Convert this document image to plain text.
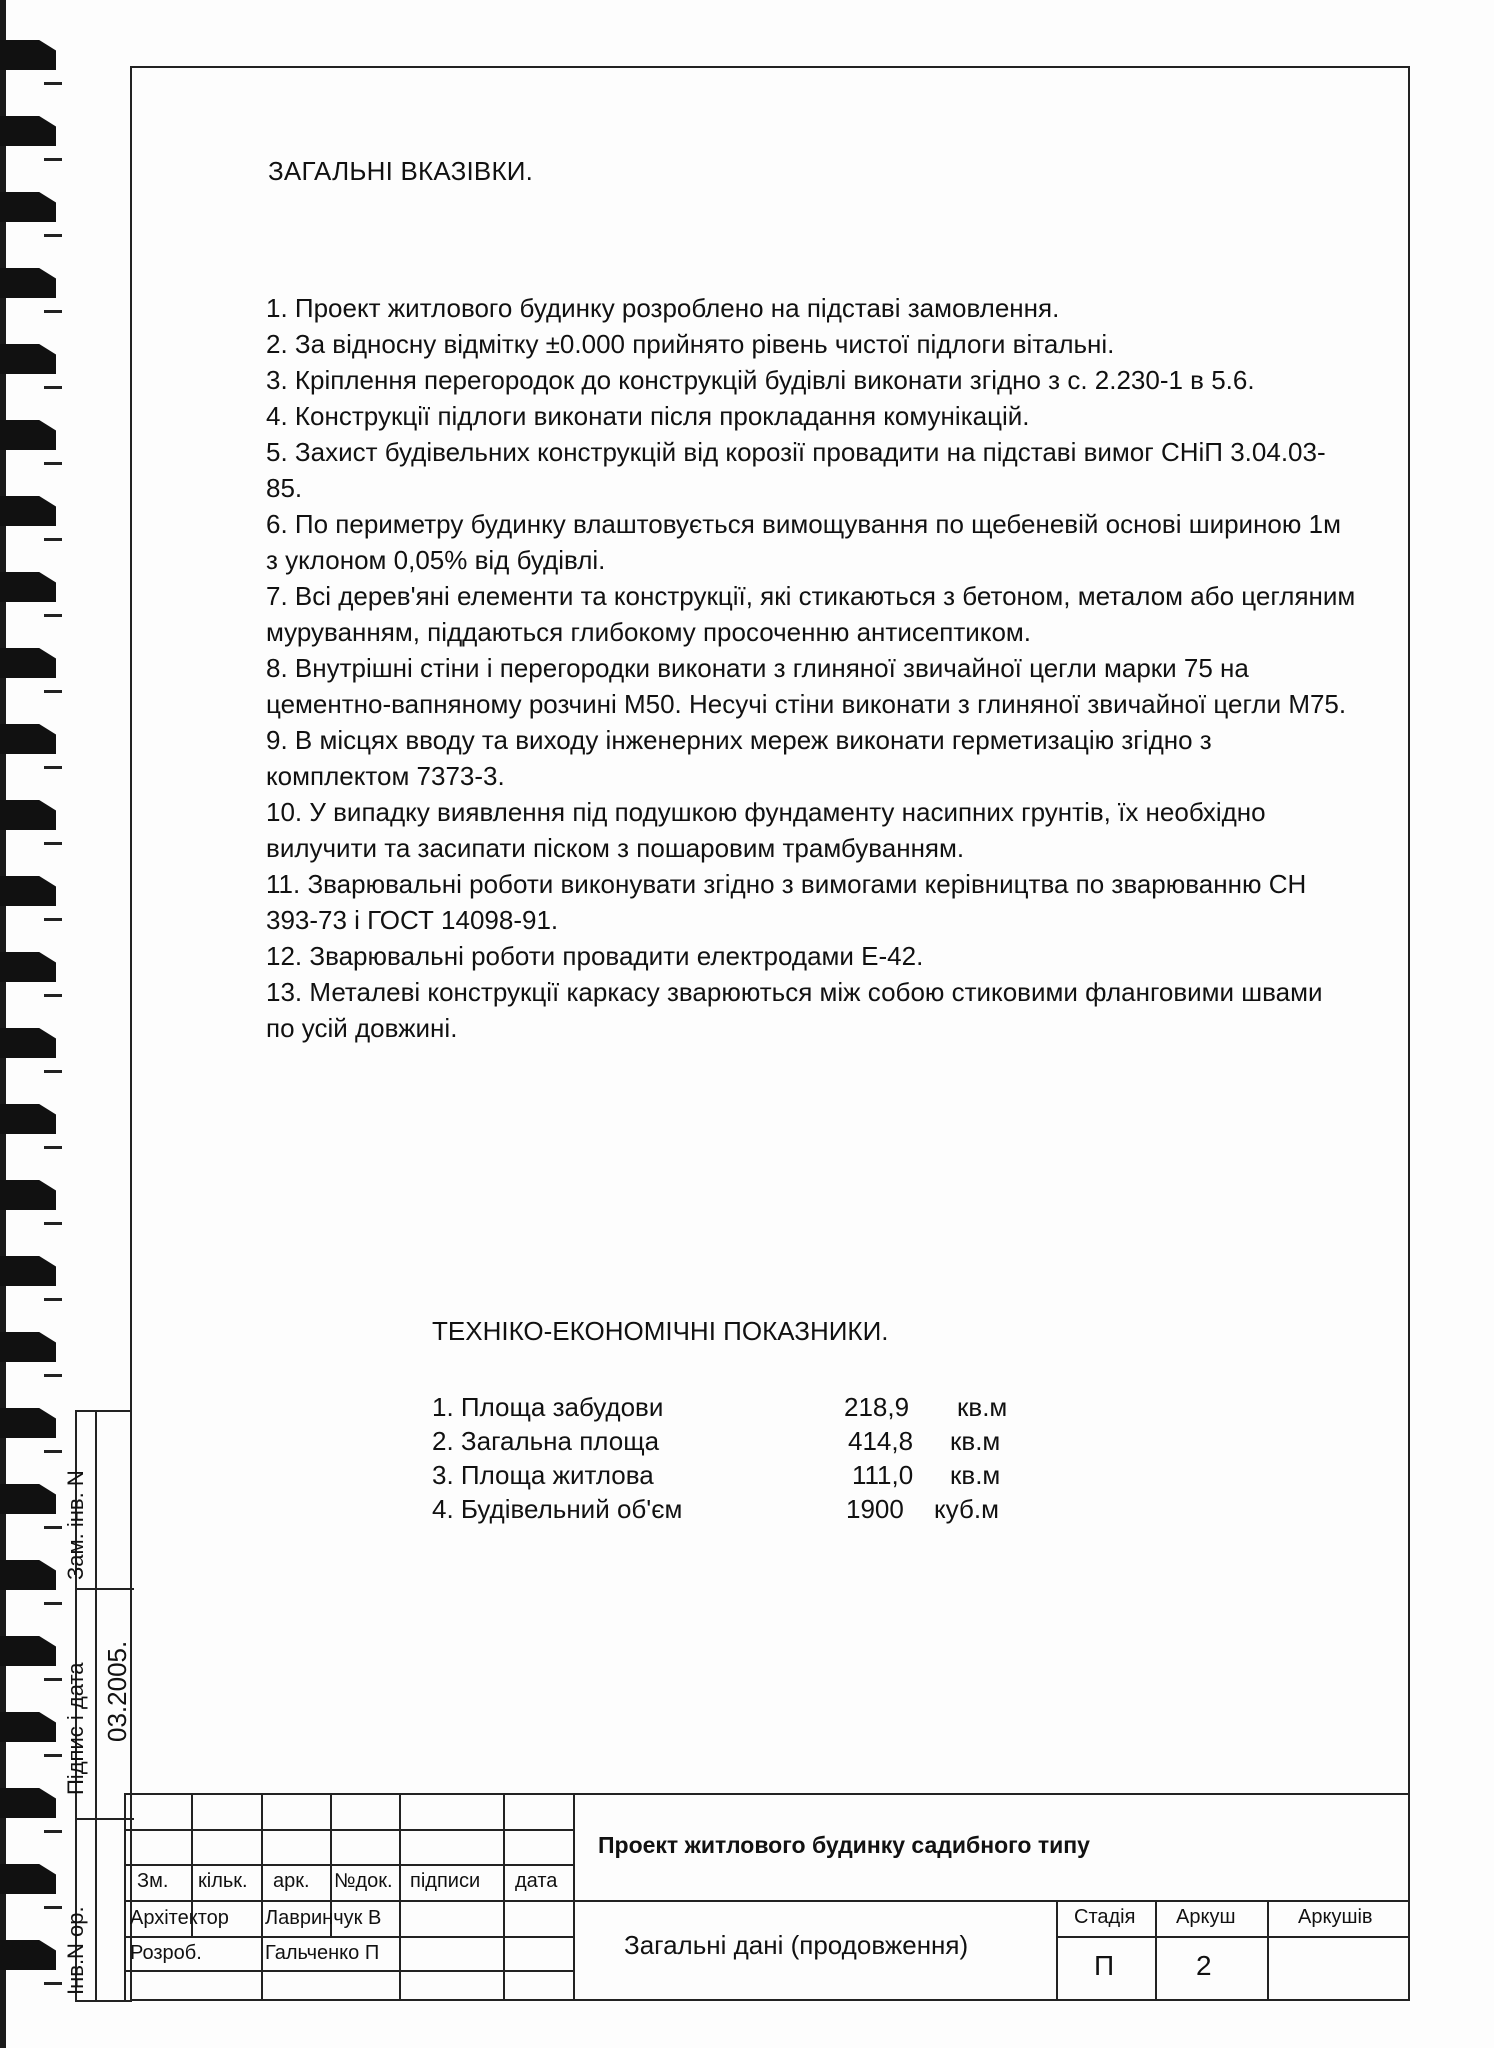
Інв.N ор.
Підпис і дата
Зам. інв. N
03.2005.
ЗАГАЛЬНІ ВКАЗІВКИ.

1. Проект житлового будинку розроблено на підставі замовлення.

2. За відносну відмітку ±0.000 прийнято рівень чистої підлоги вітальні.

3. Кріплення перегородок до конструкцій будівлі виконати згідно з с. 2.230-1 в 5.6.

4. Конструкції підлоги виконати після прокладання комунікацій.

5. Захист будівельних конструкцій від корозії провадити на підставі вимог СНіП 3.04.03-85.

6. По периметру будинку влаштовується вимощування по щебеневій основі шириною 1м з уклоном 0,05% від будівлі.

7. Всі дерев'яні елементи та конструкції, які стикаються з бетоном, металом або цегляним муруванням, піддаються глибокому просоченню антисептиком.

8. Внутрішні стіни і перегородки виконати з глиняної звичайної цегли марки 75 на цементно-вапняному розчині М50. Несучі стіни виконати з глиняної звичайної цегли М75.

9. В місцях вводу та виходу інженерних мереж виконати герметизацію згідно з комплектом 7373-3.

10. У випадку виявлення під подушкою фундаменту насипних грунтів, їх необхідно вилучити та засипати піском з пошаровим трамбуванням.

11. Зварювальні роботи виконувати згідно з вимогами керівництва по зварюванню СН 393-73 і ГОСТ 14098-91.

12. Зварювальні роботи провадити електродами Е-42.

13. Металеві конструкції каркасу зварюються між собою стиковими фланговими швами по усій довжині.

ТЕХНІКО-ЕКОНОМІЧНІ ПОКАЗНИКИ.
1. Площа забудови	218,9 кв.м
2. Загальна площа	414,8 кв.м
3. Площа житлова	111,0 кв.м
4. Будівельний об'єм	1900 куб.м
Зм. кільк. арк. №док. підписи дата
Архітектор Лавринчук В
Розроб.	Гальченко П
Проект житлового будинку садибного типу
Загальні дані (продовження)
Стадія Аркуш	Аркушів
П	2
